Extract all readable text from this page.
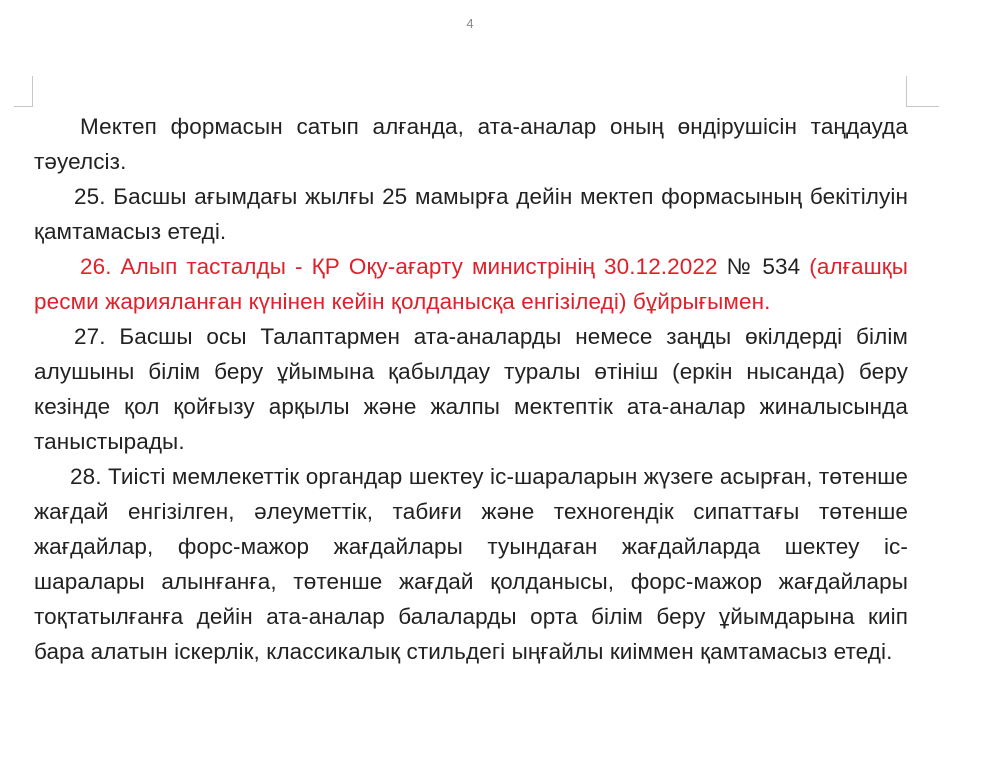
4

Мектеп формасын сатып алғанда, ата-аналар оның өндірушісін таңдауда тәуелсіз.

25. Басшы ағымдағы жылғы 25 мамырға дейін мектеп формасының бекітілуін қамтамасыз етеді.

26. Алып тасталды - ҚР Оқу-ағарту министрінің 30.12.2022 № 534 (алғашқы ресми жарияланған күнінен кейін қолданысқа енгізіледі) бұйрығымен.

27. Басшы осы Талаптармен ата-аналарды немесе заңды өкілдерді білім алушыны білім беру ұйымына қабылдау туралы өтініш (еркін нысанда) беру кезінде қол қойғызу арқылы және жалпы мектептік ата-аналар жиналысында таныстырады.

28. Тиісті мемлекеттік органдар шектеу іс-шараларын жүзеге асырған, төтенше жағдай енгізілген, әлеуметтік, табиғи және техногендік сипаттағы төтенше жағдайлар, форс-мажор жағдайлары туындаған жағдайларда шектеу іс-шаралары алынғанға, төтенше жағдай қолданысы, форс-мажор жағдайлары тоқтатылғанға дейін ата-аналар балаларды орта білім беру ұйымдарына киіп бара алатын іскерлік, классикалық стильдегі ыңғайлы киіммен қамтамасыз етеді.
